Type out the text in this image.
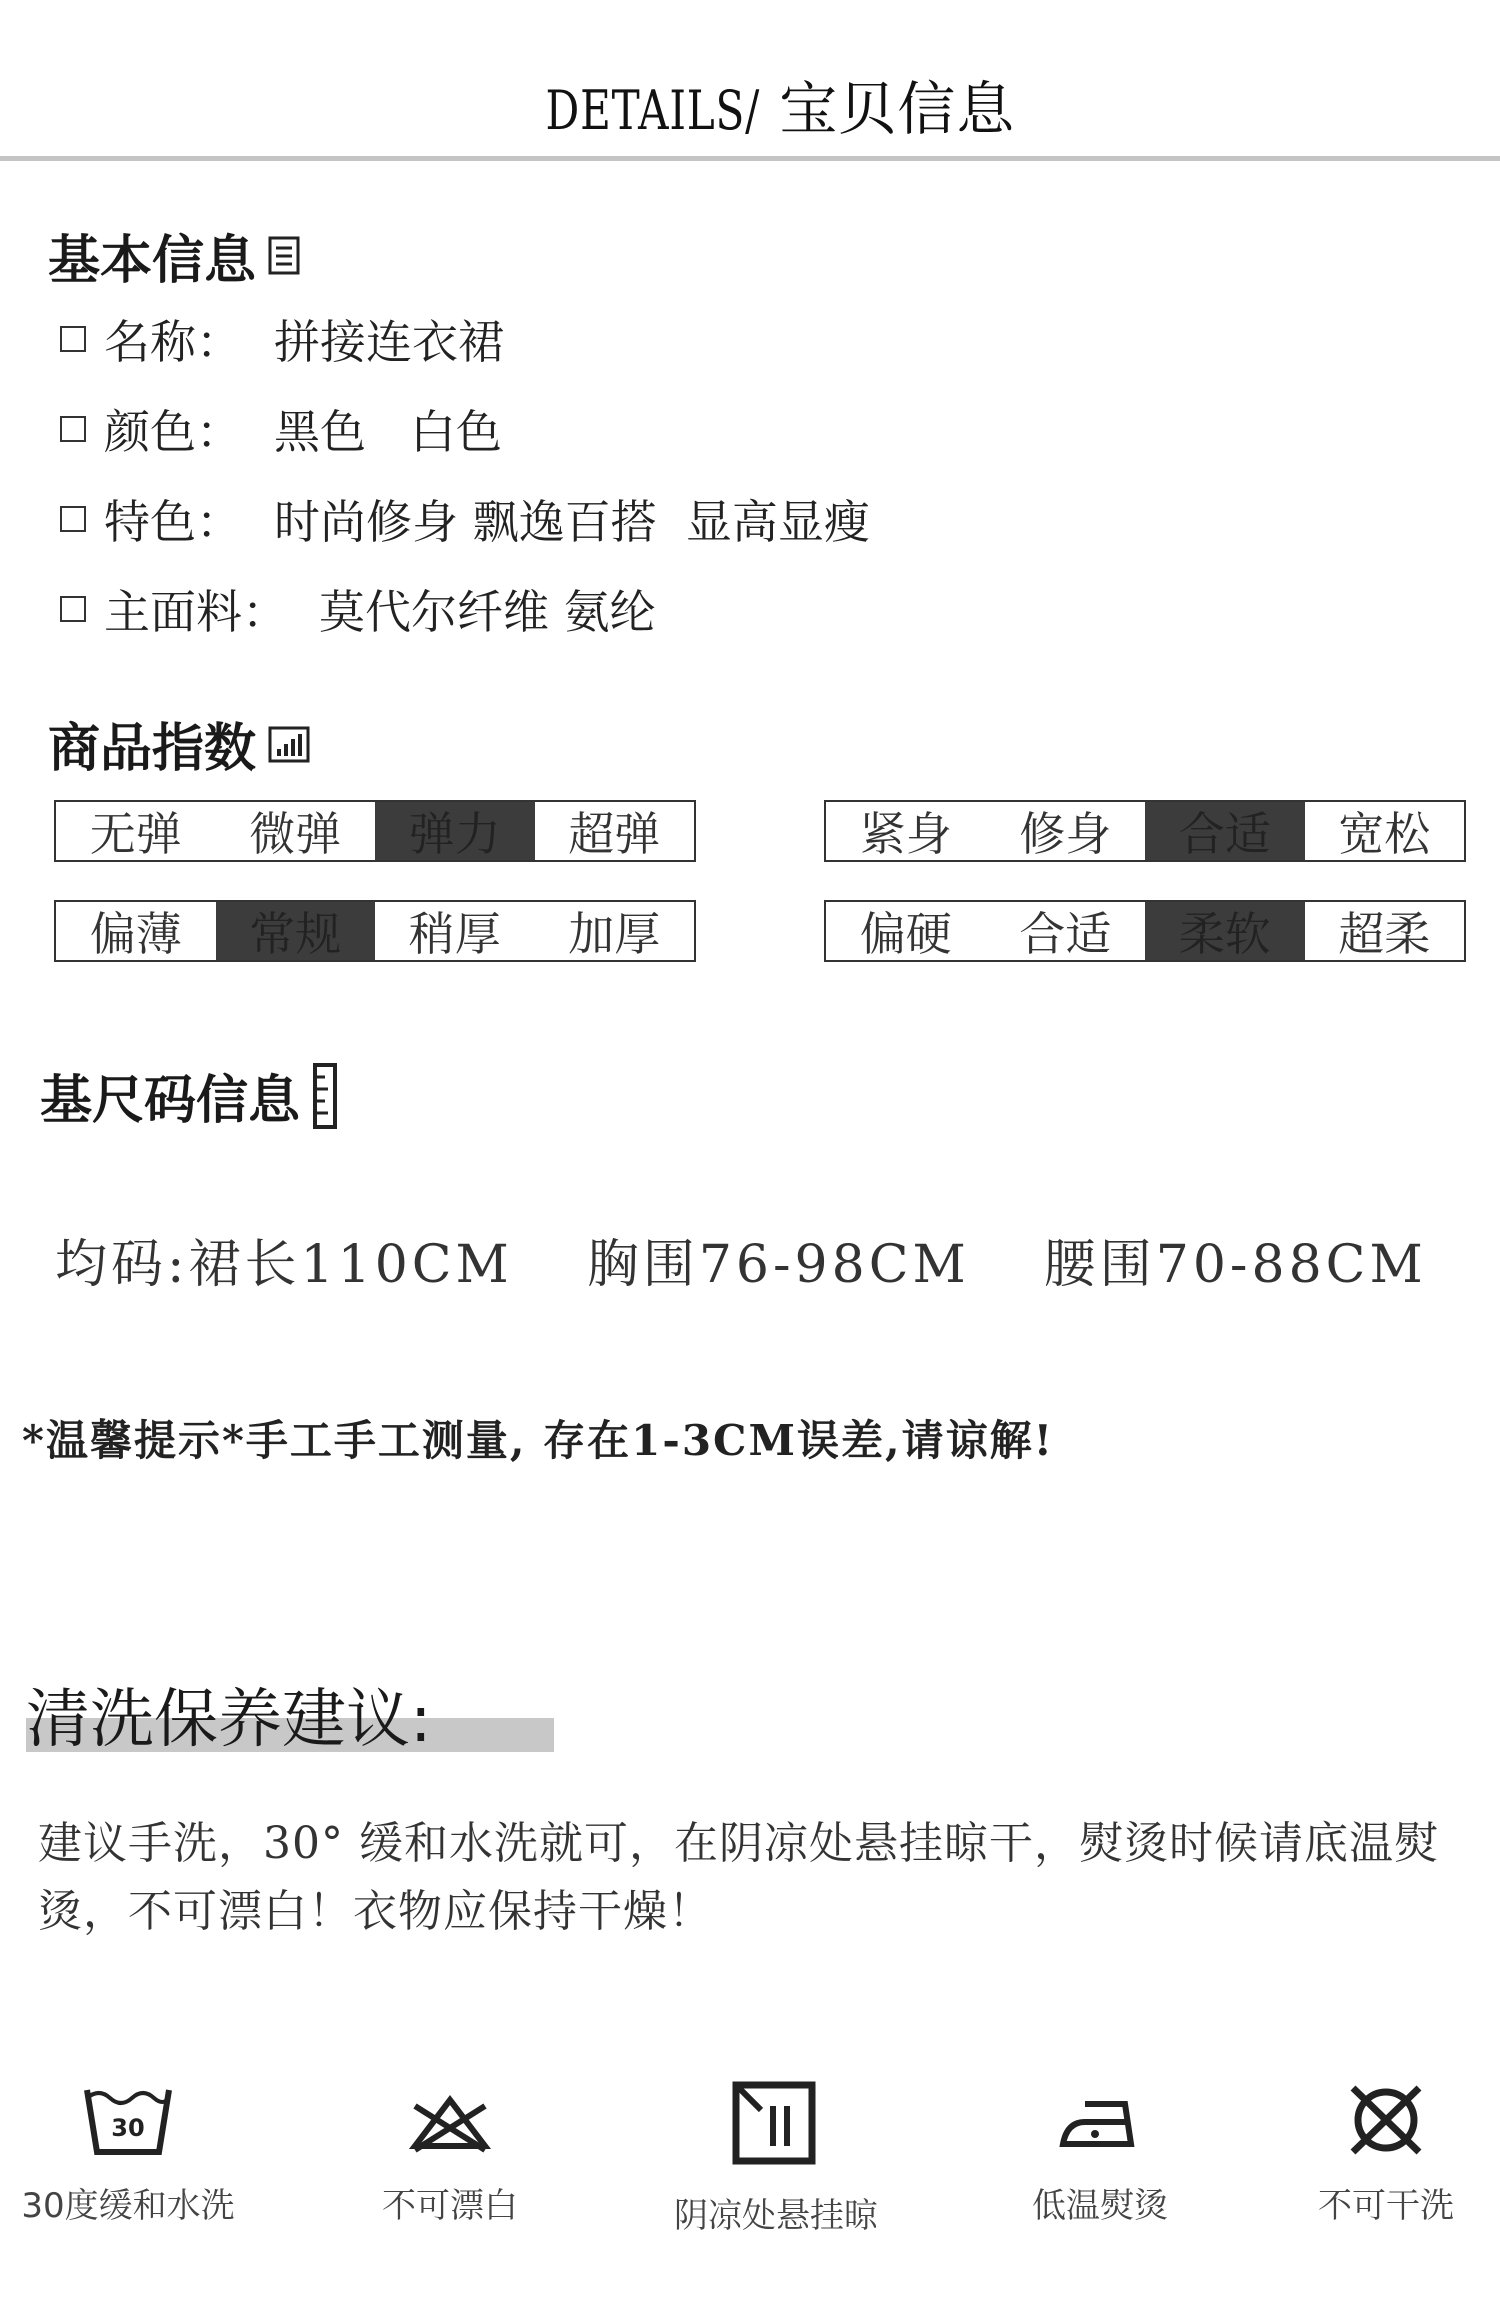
DETAILS/ 宝贝信息
基本信息
名称： 拼接连衣裙
颜色： 黑色   白色
特色： 时尚修身 飘逸百搭  显高显瘦
主面料： 莫代尔纤维 氨纶
商品指数
无弹	微弹	弹力	超弹	紧身	修身	合适	宽松
偏薄	常规	稍厚	加厚	偏硬	合适	柔软	超柔
基尺码信息
均码:裙长110CM 胸围76-98CM 腰围70-88CM
*温馨提示*手工手工测量, 存在1-3CM误差,请谅解!
清洗保养建议:
建议手洗，30° 缓和水洗就可，在阴凉处悬挂晾干，熨烫时候请底温熨烫，不可漂白！衣物应保持干燥！
30
30度缓和水洗	不可漂白	阴凉处悬挂晾	低温熨烫	不可干洗
